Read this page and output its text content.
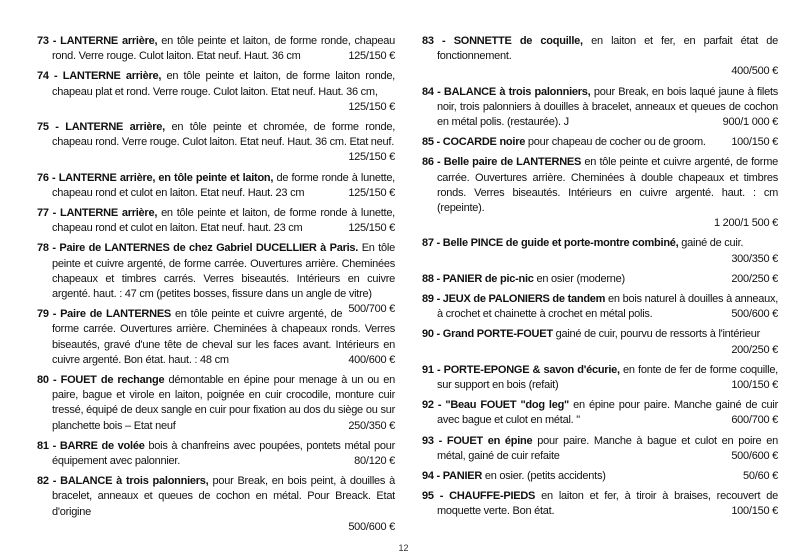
73 - LANTERNE arrière, en tôle peinte et laiton, de forme ronde, chapeau rond. Verre rouge. Culot laiton. Etat neuf. Haut. 36 cm	125/150 €
74 - LANTERNE arrière, en tôle peinte et laiton, de forme laiton ronde, chapeau plat et rond. Verre rouge. Culot laiton. Etat neuf. Haut. 36 cm,
125/150 €
75 - LANTERNE arrière, en tôle peinte et chromée, de forme ronde, chapeau rond. Verre rouge. Culot laiton. Etat neuf. Haut. 36 cm. Etat neuf.
125/150 €
76 - LANTERNE arrière, en tôle peinte et laiton, de forme ronde à lunette, chapeau rond et culot en laiton. Etat neuf. Haut. 23 cm	125/150 €
77 - LANTERNE arrière, en tôle peinte et laiton, de forme ronde à lunette, chapeau rond et culot en laiton. Etat neuf. haut. 23 cm	125/150 €
78 - Paire de LANTERNES de chez Gabriel DUCELLIER à Paris. En tôle peinte et cuivre argenté, de forme carrée. Ouvertures arrière. Cheminées chapeaux et timbres carrés. Verres biseautés. Intérieurs en cuivre argenté. haut. : 47 cm (petites bosses, fissure dans un angle de vitre)
500/700 €
79 - Paire de LANTERNES en tôle peinte et cuivre argenté, de forme carrée. Ouvertures arrière. Cheminées à chapeaux ronds. Verres biseautés, gravé d'une tête de cheval sur les faces avant. Intérieurs en cuivre argenté. Bon état. haut. : 48 cm	400/600 €
80 - FOUET de rechange démontable en épine pour menage à un ou en paire, bague et virole en laiton, poignée en cuir crocodile, monture cuir tressé, équipé de deux sangle en cuir pour fixation au dos du siège ou sur planchette bois – Etat neuf	250/350 €
81 - BARRE de volée bois à chanfreins avec poupées, pontets métal pour équipement avec palonnier.	80/120 €
82 - BALANCE à trois palonniers, pour Break, en bois peint, à douilles à bracelet, anneaux et queues de cochon en métal. Pour Breack. Etat d'origine
500/600 €
83 - SONNETTE de coquille, en laiton et fer, en parfait état de fonctionnement.
400/500 €
84 - BALANCE à trois palonniers, pour Break, en bois laqué jaune à filets noir, trois palonniers à douilles à bracelet, anneaux et queues de cochon en métal polis. (restaurée). J	900/1 000 €
85 - COCARDE noire pour chapeau de cocher ou de groom.	100/150 €
86 - Belle paire de LANTERNES en tôle peinte et cuivre argenté, de forme carrée. Ouvertures arrière. Cheminées à double chapeaux et timbres ronds. Verres biseautés. Intérieurs en cuivre argenté. haut. : cm (repeinte).
1 200/1 500 €
87 - Belle PINCE de guide et porte-montre combiné, gainé de cuir.
300/350 €
88 - PANIER de pic-nic en osier (moderne)	200/250 €
89 - JEUX de PALONIERS de tandem en bois naturel à douilles à anneaux, à crochet et chainette à crochet en métal polis.	500/600 €
90 - Grand PORTE-FOUET gainé de cuir, pourvu de ressorts à l'intérieur
200/250 €
91 - PORTE-EPONGE & savon d'écurie, en fonte de fer de forme coquille, sur support en bois (refait)	100/150 €
92 - "Beau FOUET "dog leg" en épine pour paire. Manche gainé de cuir avec bague et culot en métal. "	600/700 €
93 - FOUET en épine pour paire. Manche à bague et culot en poire en métal, gainé de cuir refaite	500/600 €
94 - PANIER en osier. (petits accidents)	50/60 €
95 - CHAUFFE-PIEDS en laiton et fer, à tiroir à braises, recouvert de moquette verte. Bon état.	100/150 €
12
